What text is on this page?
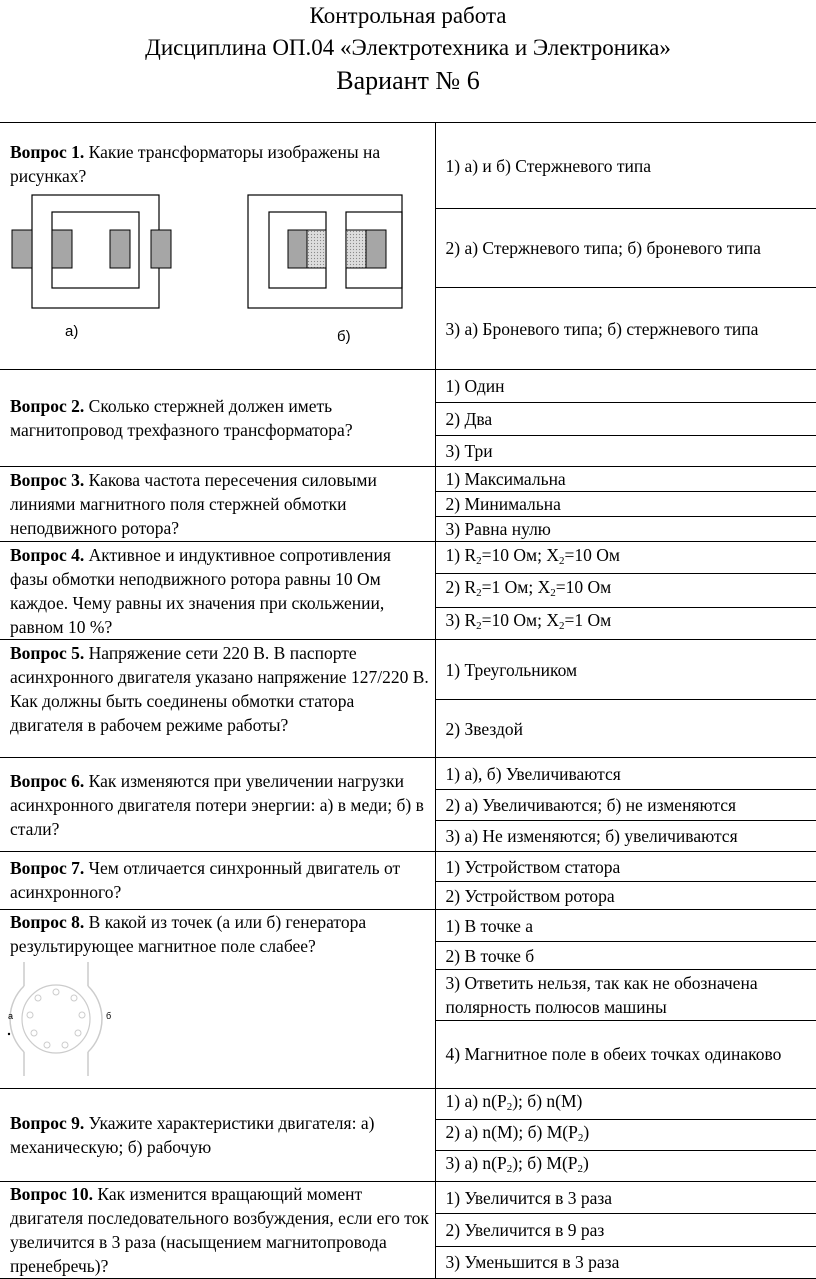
Контрольная работа
Дисциплина ОП.04 «Электротехника и Электроника»
Вариант № 6
Вопрос 1. Какие трансформаторы изображены на рисунках?
а) б)	1) а) и б) Стержневого типа
	2) а) Стержневого типа; б) броневого типа
	3) а) Броневого типа; б) стержневого типа
Вопрос 2. Сколько стержней должен иметь магнитопровод трехфазного трансформатора?	1) Один
	2) Два
	3) Три
Вопрос 3. Какова частота пересечения силовыми линиями магнитного поля стержней обмотки неподвижного ротора?	1) Максимальна
	2) Минимальна
	3) Равна нулю
Вопрос 4. Активное и индуктивное сопротивления фазы обмотки неподвижного ротора равны 10 Ом каждое. Чему равны их значения при скольжении, равном 10 %?	1) $R_2=10$ Ом; $X_2=10$ Ом
	2) $R_2=1$ Ом; $X_2=10$ Ом
	3) $R_2=10$ Ом; $X_2=1$ Ом
Вопрос 5. Напряжение сети 220 В. В паспорте асинхронного двигателя указано напряжение 127/220 В. Как должны быть соединены обмотки статора двигателя в рабочем режиме работы?	1) Треугольником
	2) Звездой
Вопрос 6. Как изменяются при увеличении нагрузки асинхронного двигателя потери энергии: а) в меди; б) в стали?	1) а), б) Увеличиваются
	2) а) Увеличиваются; б) не изменяются
	3) а) Не изменяются; б) увеличиваются
Вопрос 7. Чем отличается синхронный двигатель от асинхронного?	1) Устройством статора
	2) Устройством ротора

Вопрос 8. В какой из точек (а или б) генератора результирующее магнитное поле слабее?
а б	1) В точке а
	2) В точке б
	3) Ответить нельзя, так как не обозначена полярность полюсов машины
	4) Магнитное поле в обеих точках одинаково
Вопрос 9. Укажите характеристики двигателя: а) механическую; б) рабочую	1) а) $n(P_2)$; б) n(M)
	2) а) n(M); б) $M(P_2)$
	3) а) $n(P_2)$; б) $M(P_2)$
Вопрос 10. Как изменится вращающий момент двигателя последовательного возбуждения, если его ток увеличится в 3 раза (насыщением магнитопровода пренебречь)?	1) Увеличится в 3 раза
	2) Увеличится в 9 раз
	3) Уменьшится в 3 раза
